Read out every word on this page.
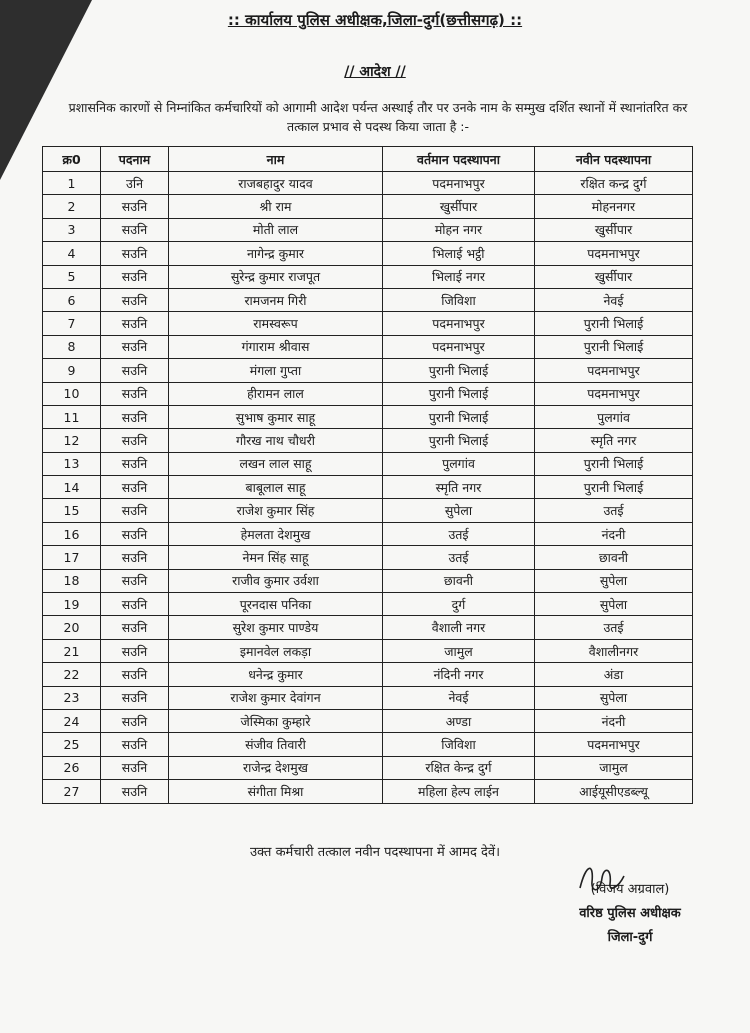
:: कार्यालय पुलिस अधीक्षक,जिला-दुर्ग(छत्तीसगढ़) ::
// आदेश //
प्रशासनिक कारणों से निम्नांकित कर्मचारियों को आगामी आदेश पर्यन्त अस्थाई तौर पर उनके नाम के सम्मुख दर्शित स्थानों में स्थानांतरित कर तत्काल प्रभाव से पदस्थ किया जाता है :-
क्र0	पदनाम	नाम	वर्तमान पदस्थापना	नवीन पदस्थापना
1	उनि	राजबहादुर यादव	पदमनाभपुर	रक्षित कन्द्र दुर्ग
2	सउनि	श्री राम	खुर्सीपार	मोहननगर
3	सउनि	मोती लाल	मोहन नगर	खुर्सीपार
4	सउनि	नागेन्द्र कुमार	भिलाई भट्ठी	पदमनाभपुर
5	सउनि	सुरेन्द्र कुमार राजपूत	भिलाई नगर	खुर्सीपार
6	सउनि	रामजनम गिरी	जिविशा	नेवई
7	सउनि	रामस्वरूप	पदमनाभपुर	पुरानी भिलाई
8	सउनि	गंगाराम श्रीवास	पदमनाभपुर	पुरानी भिलाई
9	सउनि	मंगला गुप्ता	पुरानी भिलाई	पदमनाभपुर
10	सउनि	हीरामन लाल	पुरानी भिलाई	पदमनाभपुर
11	सउनि	सुभाष कुमार साहू	पुरानी भिलाई	पुलगांव
12	सउनि	गौरख नाथ चौधरी	पुरानी भिलाई	स्मृति नगर
13	सउनि	लखन लाल साहू	पुलगांव	पुरानी भिलाई
14	सउनि	बाबूलाल साहू	स्मृति नगर	पुरानी भिलाई
15	सउनि	राजेश कुमार सिंह	सुपेला	उतई
16	सउनि	हेमलता देशमुख	उतई	नंदनी
17	सउनि	नेमन सिंह साहू	उतई	छावनी
18	सउनि	राजीव कुमार उर्वशा	छावनी	सुपेला
19	सउनि	पूरनदास पनिका	दुर्ग	सुपेला
20	सउनि	सुरेश कुमार पाण्डेय	वैशाली नगर	उतई
21	सउनि	इमानवेल लकड़ा	जामुल	वैशालीनगर
22	सउनि	धनेन्द्र कुमार	नंदिनी नगर	अंडा
23	सउनि	राजेश कुमार देवांगन	नेवई	सुपेला
24	सउनि	जेस्मिका कुम्हारे	अण्डा	नंदनी
25	सउनि	संजीव तिवारी	जिविशा	पदमनाभपुर
26	सउनि	राजेन्द्र देशमुख	रक्षित केन्द्र दुर्ग	जामुल
27	सउनि	संगीता मिश्रा	महिला हेल्प लाईन	आईयूसीएडब्ल्यू
उक्त कर्मचारी तत्काल नवीन पदस्थापना में आमद देवें।
(विजय अग्रवाल)
वरिष्ठ पुलिस अधीक्षक
जिला-दुर्ग
